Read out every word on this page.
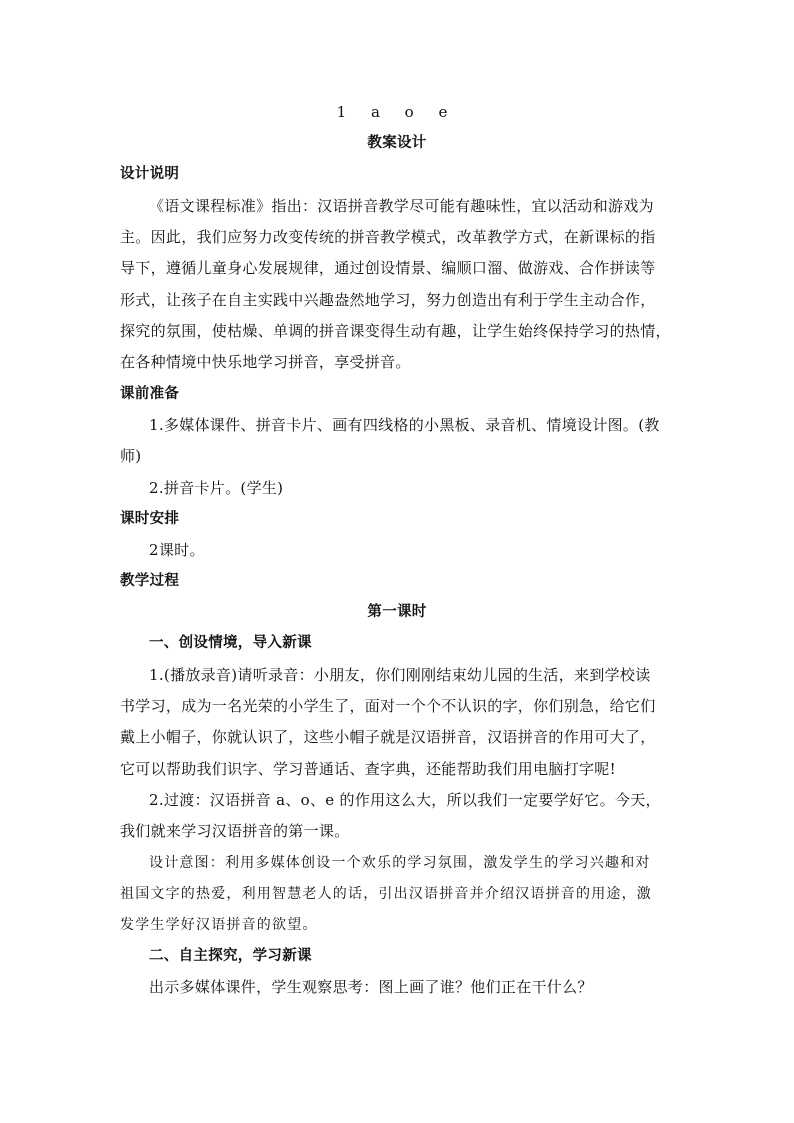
1 a o e
教案设计
设计说明
《语文课程标准》指出：汉语拼音教学尽可能有趣味性，宜以活动和游戏为
主。因此，我们应努力改变传统的拼音教学模式，改革教学方式，在新课标的指
导下，遵循儿童身心发展规律，通过创设情景、编顺口溜、做游戏、合作拼读等
形式，让孩子在自主实践中兴趣盎然地学习，努力创造出有利于学生主动合作，
探究的氛围，使枯燥、单调的拼音课变得生动有趣，让学生始终保持学习的热情，
在各种情境中快乐地学习拼音，享受拼音。
课前准备
1.多媒体课件、拼音卡片、画有四线格的小黑板、录音机、情境设计图。(教
师)
2.拼音卡片。(学生)
课时安排
2课时。
教学过程
第一课时
一、创设情境，导入新课
1.(播放录音)请听录音：小朋友，你们刚刚结束幼儿园的生活，来到学校读
书学习，成为一名光荣的小学生了，面对一个个不认识的字，你们别急，给它们
戴上小帽子，你就认识了，这些小帽子就是汉语拼音，汉语拼音的作用可大了，
它可以帮助我们识字、学习普通话、查字典，还能帮助我们用电脑打字呢!
2.过渡：汉语拼音 a、o、e 的作用这么大，所以我们一定要学好它。今天，
我们就来学习汉语拼音的第一课。
设计意图：利用多媒体创设一个欢乐的学习氛围，激发学生的学习兴趣和对
祖国文字的热爱，利用智慧老人的话，引出汉语拼音并介绍汉语拼音的用途，激
发学生学好汉语拼音的欲望。
二、自主探究，学习新课
出示多媒体课件，学生观察思考：图上画了谁？他们正在干什么？
